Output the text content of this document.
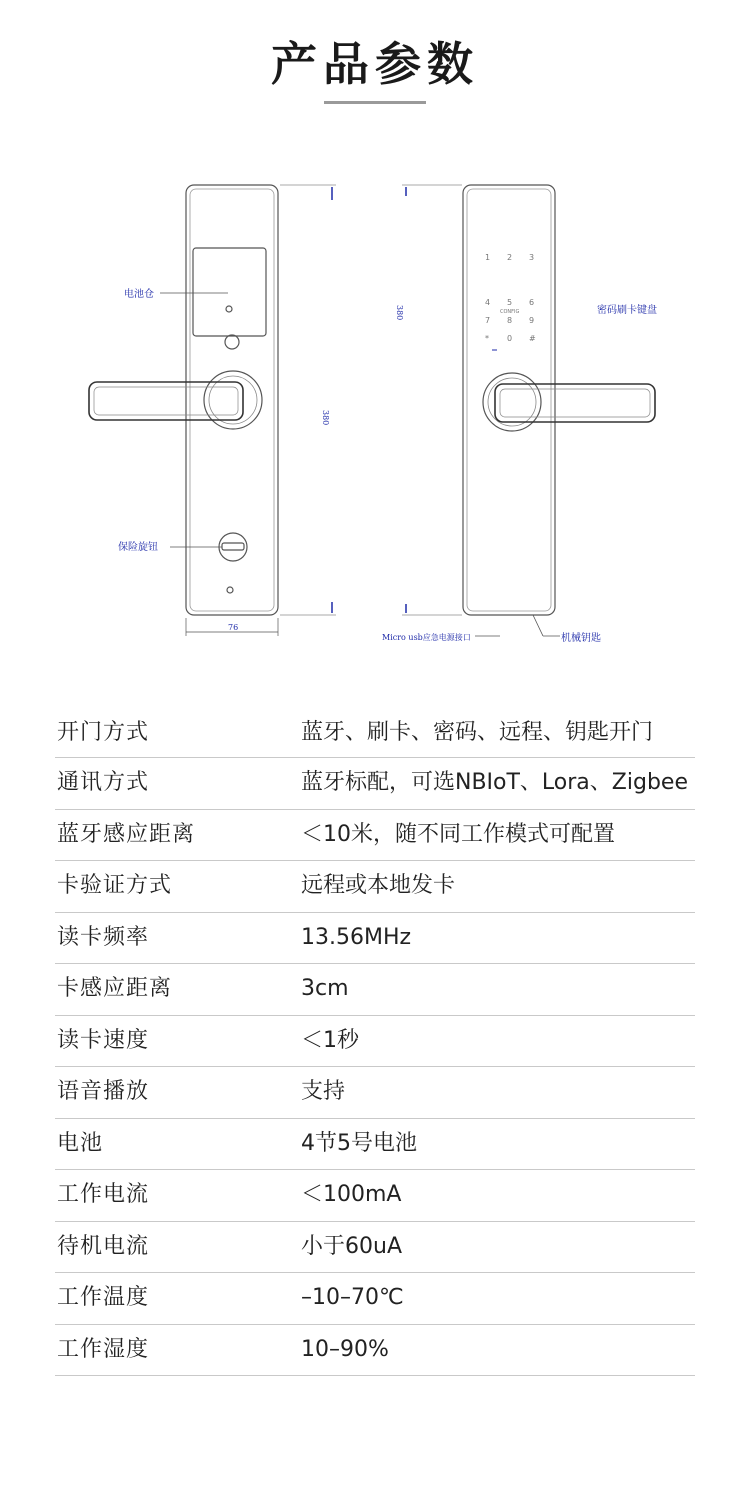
产品参数
电池仓
保险旋钮
76
380
380
1 2 3
4 5 6
7 8 9
* 0 #
CONFIG	密码刷卡键盘
Micro usb应急电源接口	机械钥匙
开门方式	蓝牙、刷卡、密码、远程、钥匙开门
通讯方式	蓝牙标配，可选NBIoT、Lora、Zigbee
蓝牙感应距离	＜10米，随不同工作模式可配置
卡验证方式	远程或本地发卡
读卡频率	13.56MHz
卡感应距离	3cm
读卡速度	＜1秒
语音播放	支持
电池	4节5号电池
工作电流	＜100mA
待机电流	小于60uA
工作温度	–10–70℃
工作湿度	10–90%
